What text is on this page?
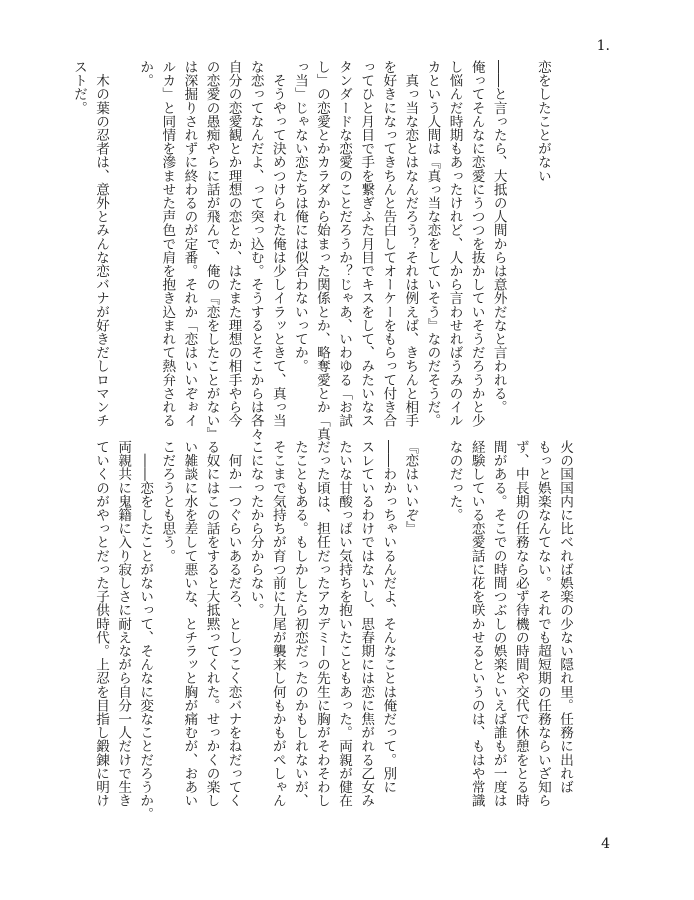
1.

恋をしたことがない

――と言ったら、大抵の人間からは意外だなと言われる。
俺ってそんなに恋愛にうつつを抜かしていそうだろうかと少
し悩んだ時期もあったけれど、人から言わせればうみのイル
カという人間は『真っ当な恋をしていそう』なのだそうだ。
　真っ当な恋とはなんだろう？それは例えば、きちんと相手
を好きになってきちんと告白してオーケーをもらって付き合
ってひと月目で手を繋ぎふた月目でキスをして、みたいなス
タンダードな恋愛のことだろうか？じゃあ、いわゆる「お試
し」の恋愛とかカラダから始まった関係とか、略奪愛とか「真
っ当」じゃない恋たちは俺には似合わないってか。
　そうやって決めつけられた俺は少しイラッときて、真っ当
な恋ってなんだよ、って突っ込む。そうするとそこからは各々
自分の恋愛観とか理想の恋とか、はたまた理想の相手やら今
の恋愛の愚痴やらに話が飛んで、俺の『恋をしたことがない』
は深掘りされずに終わるのが定番。それか「恋はいいぞぉイ
ルカ」と同情を滲ませた声色で肩を抱き込まれて熱弁される
か。

　木の葉の忍者は、意外とみんな恋バナが好きだしロマンチ
ストだ。
火の国国内に比べれば娯楽の少ない隠れ里。任務に出れば
もっと娯楽なんてない。それでも超短期の任務ならいざ知ら
ず、中長期の任務なら必ず待機の時間や交代で休憩をとる時
間がある。そこでの時間つぶしの娯楽といえば誰もが一度は
経験している恋愛話に花を咲かせるというのは、もはや常識
なのだった。

『恋はいいぞ』
――わかっちゃいるんだよ、そんなことは俺だって。別に
スレているわけではないし、思春期には恋に焦がれる乙女み
たいな甘酸っぱい気持ちを抱いたこともあった。両親が健在
だった頃は、担任だったアカデミーの先生に胸がそわそわし
たこともある。もしかしたら初恋だったのかもしれないが、
そこまで気持ちが育つ前に九尾が襲来し何もかもがぺしゃん
こになったから分からない。
　何か一つぐらいあるだろ、としつこく恋バナをねだってく
る奴にはこの話をすると大抵黙ってくれた。せっかくの楽し
い雑談に水を差して悪いな、とチラッと胸が痛むが、おあい
こだろうとも思う。
　――恋をしたことがないって、そんなに変なことだろうか。
両親共に鬼籍に入り寂しさに耐えながら自分一人だけで生き
ていくのがやっとだった子供時代。上忍を目指し鍛錬に明け
4
